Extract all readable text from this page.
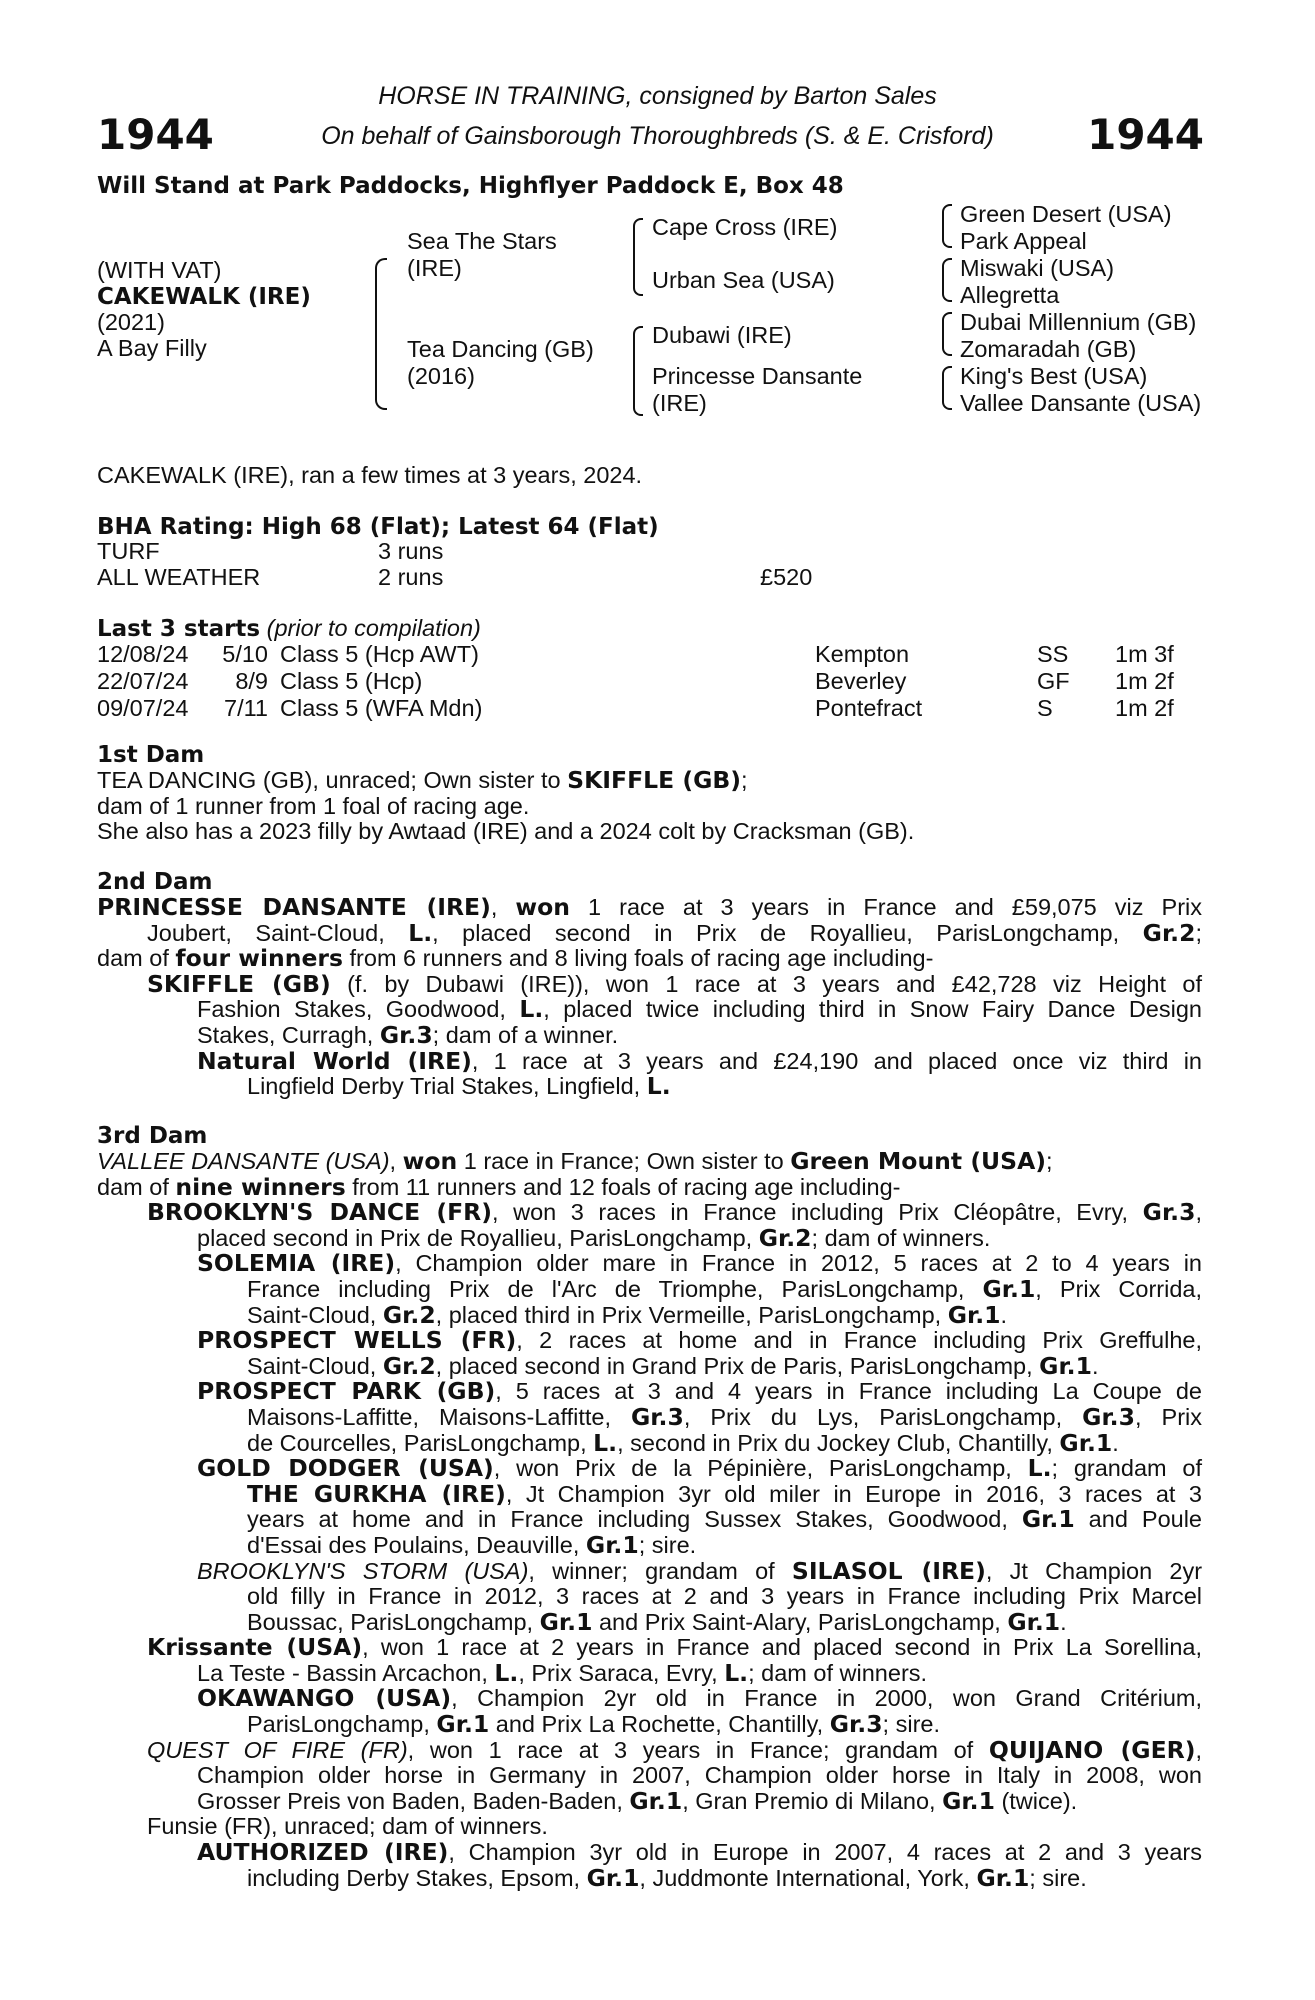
1944	1944
HORSE IN TRAINING, consigned by Barton Sales
On behalf of Gainsborough Thoroughbreds (S. & E. Crisford)
Will Stand at Park Paddocks, Highflyer Paddock E, Box 48
(WITH VAT)
CAKEWALK (IRE)
(2021)
A Bay Filly
Sea The Stars
(IRE)
Tea Dancing (GB)
(2016)
Cape Cross (IRE)
Urban Sea (USA)
Dubawi (IRE)
Princesse Dansante
(IRE)
Green Desert (USA)
Park Appeal
Miswaki (USA)
Allegretta
Dubai Millennium (GB)
Zomaradah (GB)
King's Best (USA)
Vallee Dansante (USA)
CAKEWALK (IRE), ran a few times at 3 years, 2024.
BHA Rating: High 68 (Flat); Latest 64 (Flat)
TURF	3 runs
ALL WEATHER	2 runs	£520
Last 3 starts (prior to compilation)
12/08/24	5/10	Class 5 (Hcp AWT)	Kempton	SS	1m 3f
22/07/24	8/9	Class 5 (Hcp)	Beverley	GF	1m 2f
09/07/24	7/11	Class 5 (WFA Mdn)	Pontefract	S	1m 2f
1st Dam
TEA DANCING (GB), unraced; Own sister to SKIFFLE (GB);
dam of 1 runner from 1 foal of racing age.
She also has a 2023 filly by Awtaad (IRE) and a 2024 colt by Cracksman (GB).
2nd Dam
PRINCESSE DANSANTE (IRE), won 1 race at 3 years in France and £59,075 viz Prix
Joubert, Saint-Cloud, L., placed second in Prix de Royallieu, ParisLongchamp, Gr.2;
dam of four winners from 6 runners and 8 living foals of racing age including-
SKIFFLE (GB) (f. by Dubawi (IRE)), won 1 race at 3 years and £42,728 viz Height of
Fashion Stakes, Goodwood, L., placed twice including third in Snow Fairy Dance Design
Stakes, Curragh, Gr.3; dam of a winner.
Natural World (IRE), 1 race at 3 years and £24,190 and placed once viz third in
Lingfield Derby Trial Stakes, Lingfield, L.
3rd Dam
VALLEE DANSANTE (USA), won 1 race in France; Own sister to Green Mount (USA);
dam of nine winners from 11 runners and 12 foals of racing age including-
BROOKLYN'S DANCE (FR), won 3 races in France including Prix Cléopâtre, Evry, Gr.3,
placed second in Prix de Royallieu, ParisLongchamp, Gr.2; dam of winners.
SOLEMIA (IRE), Champion older mare in France in 2012, 5 races at 2 to 4 years in
France including Prix de l'Arc de Triomphe, ParisLongchamp, Gr.1, Prix Corrida,
Saint-Cloud, Gr.2, placed third in Prix Vermeille, ParisLongchamp, Gr.1.
PROSPECT WELLS (FR), 2 races at home and in France including Prix Greffulhe,
Saint-Cloud, Gr.2, placed second in Grand Prix de Paris, ParisLongchamp, Gr.1.
PROSPECT PARK (GB), 5 races at 3 and 4 years in France including La Coupe de
Maisons-Laffitte, Maisons-Laffitte, Gr.3, Prix du Lys, ParisLongchamp, Gr.3, Prix
de Courcelles, ParisLongchamp, L., second in Prix du Jockey Club, Chantilly, Gr.1.
GOLD DODGER (USA), won Prix de la Pépinière, ParisLongchamp, L.; grandam of
THE GURKHA (IRE), Jt Champion 3yr old miler in Europe in 2016, 3 races at 3
years at home and in France including Sussex Stakes, Goodwood, Gr.1 and Poule
d'Essai des Poulains, Deauville, Gr.1; sire.
BROOKLYN'S STORM (USA), winner; grandam of SILASOL (IRE), Jt Champion 2yr
old filly in France in 2012, 3 races at 2 and 3 years in France including Prix Marcel
Boussac, ParisLongchamp, Gr.1 and Prix Saint-Alary, ParisLongchamp, Gr.1.
Krissante (USA), won 1 race at 2 years in France and placed second in Prix La Sorellina,
La Teste - Bassin Arcachon, L., Prix Saraca, Evry, L.; dam of winners.
OKAWANGO (USA), Champion 2yr old in France in 2000, won Grand Critérium,
ParisLongchamp, Gr.1 and Prix La Rochette, Chantilly, Gr.3; sire.
QUEST OF FIRE (FR), won 1 race at 3 years in France; grandam of QUIJANO (GER),
Champion older horse in Germany in 2007, Champion older horse in Italy in 2008, won
Grosser Preis von Baden, Baden-Baden, Gr.1, Gran Premio di Milano, Gr.1 (twice).
Funsie (FR), unraced; dam of winners.
AUTHORIZED (IRE), Champion 3yr old in Europe in 2007, 4 races at 2 and 3 years
including Derby Stakes, Epsom, Gr.1, Juddmonte International, York, Gr.1; sire.
